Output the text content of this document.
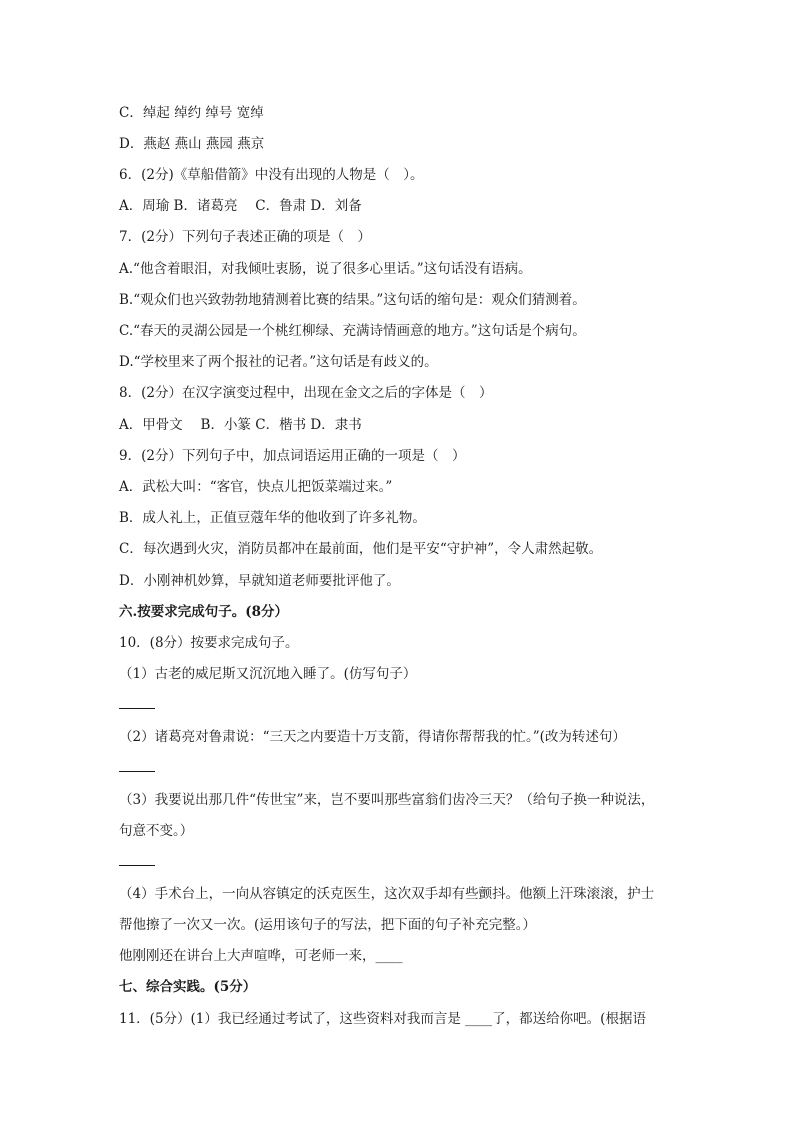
C．绰起 绰约 绰号 宽绰
D．燕赵 燕山 燕园 燕京
6．(2分)《草船借箭》中没有出现的人物是（　）。
A．周瑜 B．诸葛亮　 C．鲁肃 D．刘备
7．(2分）下列句子表述正确的项是（　）
A.“他含着眼泪，对我倾吐衷肠，说了很多心里话。”这句话没有语病。
B.“观众们也兴致勃勃地猜测着比赛的结果。”这句话的缩句是：观众们猜测着。
C.“春天的灵湖公园是一个桃红柳绿、充满诗情画意的地方。”这句话是个病句。
D.“学校里来了两个报社的记者。”这句话是有歧义的。
8．(2分）在汉字演变过程中，出现在金文之后的字体是（　）
A．甲骨文　 B．小篆 C．楷书 D．隶书
9．(2分）下列句子中，加点词语运用正确的一项是（　）
A．武松大叫：“客官，快点儿把饭菜端过来。”
B．成人礼上，正值豆蔻年华的他收到了许多礼物。
C．每次遇到火灾，消防员都冲在最前面，他们是平安“守护神”，令人肃然起敬。
D．小刚神机妙算，早就知道老师要批评他了。
六.按要求完成句子。(8分）
10．(8分）按要求完成句子。
（1）古老的威尼斯又沉沉地入睡了。(仿写句子）
（2）诸葛亮对鲁肃说：“三天之内要造十万支箭，得请你帮帮我的忙。”(改为转述句）
（3）我要说出那几件“传世宝”来，岂不要叫那些富翁们齿冷三天？（给句子换一种说法，
句意不变。）
（4）手术台上，一向从容镇定的沃克医生，这次双手却有些颤抖。他额上汗珠滚滚，护士
帮他擦了一次又一次。(运用该句子的写法，把下面的句子补充完整。）
他刚刚还在讲台上大声喧哗，可老师一来，____
七、综合实践。(5分）
11．(5分）(1）我已经通过考试了，这些资料对我而言是 ____了，都送给你吧。(根据语
